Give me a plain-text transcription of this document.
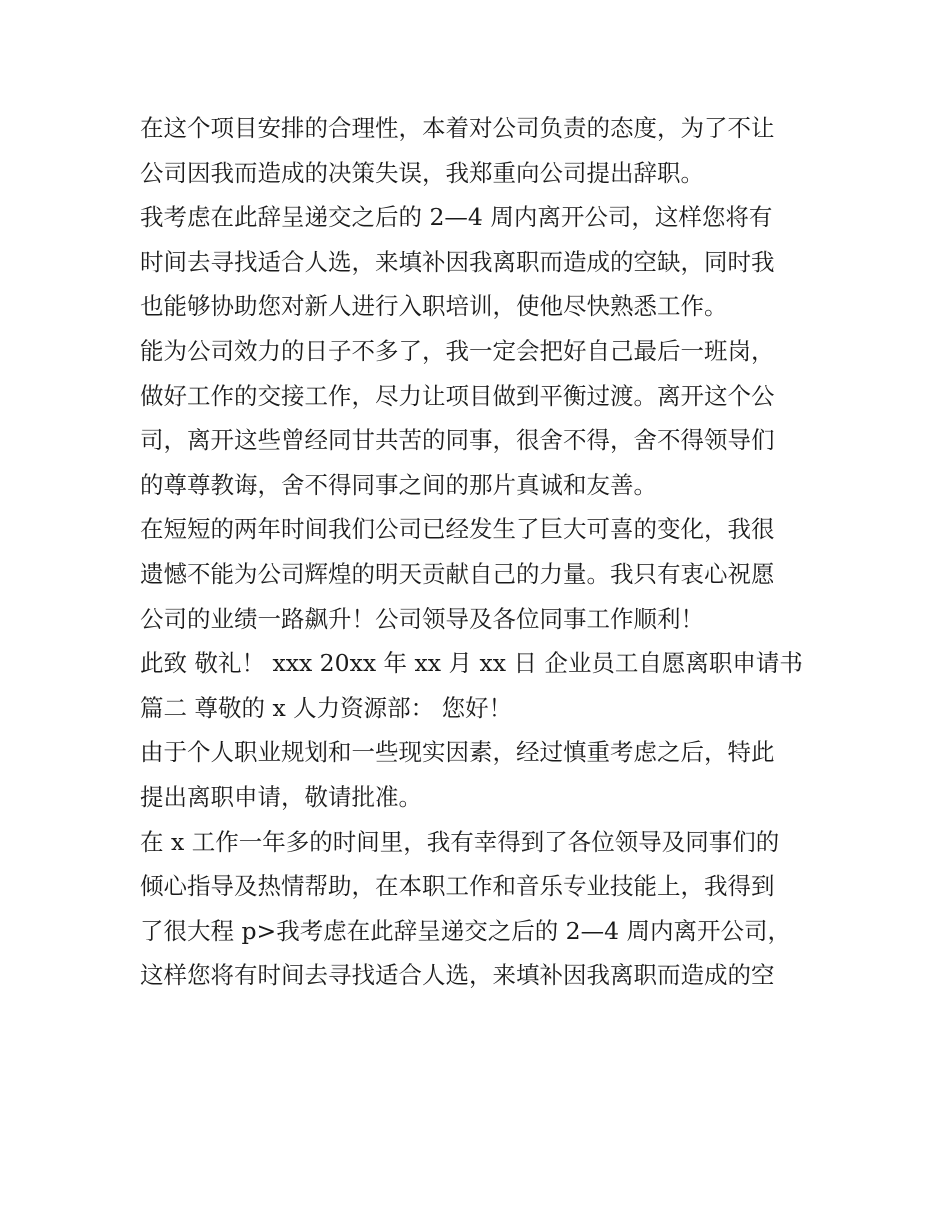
在这个项目安排的合理性，本着对公司负责的态度，为了不让
公司因我而造成的决策失误，我郑重向公司提出辞职。
我考虑在此辞呈递交之后的 2—4 周内离开公司，这样您将有
时间去寻找适合人选，来填补因我离职而造成的空缺，同时我
也能够协助您对新人进行入职培训，使他尽快熟悉工作。
能为公司效力的日子不多了，我一定会把好自己最后一班岗，
做好工作的交接工作，尽力让项目做到平衡过渡。离开这个公
司，离开这些曾经同甘共苦的同事，很舍不得，舍不得领导们
的尊尊教诲，舍不得同事之间的那片真诚和友善。
在短短的两年时间我们公司已经发生了巨大可喜的变化，我很
遗憾不能为公司辉煌的明天贡献自己的力量。我只有衷心祝愿
公司的业绩一路飙升！公司领导及各位同事工作顺利！
此致 敬礼！ xxx 20xx 年 xx 月 xx 日 企业员工自愿离职申请书
篇二 尊敬的 x 人力资源部： 您好！
由于个人职业规划和一些现实因素，经过慎重考虑之后，特此
提出离职申请，敬请批准。
在 x 工作一年多的时间里，我有幸得到了各位领导及同事们的
倾心指导及热情帮助，在本职工作和音乐专业技能上，我得到
了很大程 p>我考虑在此辞呈递交之后的 2—4 周内离开公司，
这样您将有时间去寻找适合人选，来填补因我离职而造成的空
